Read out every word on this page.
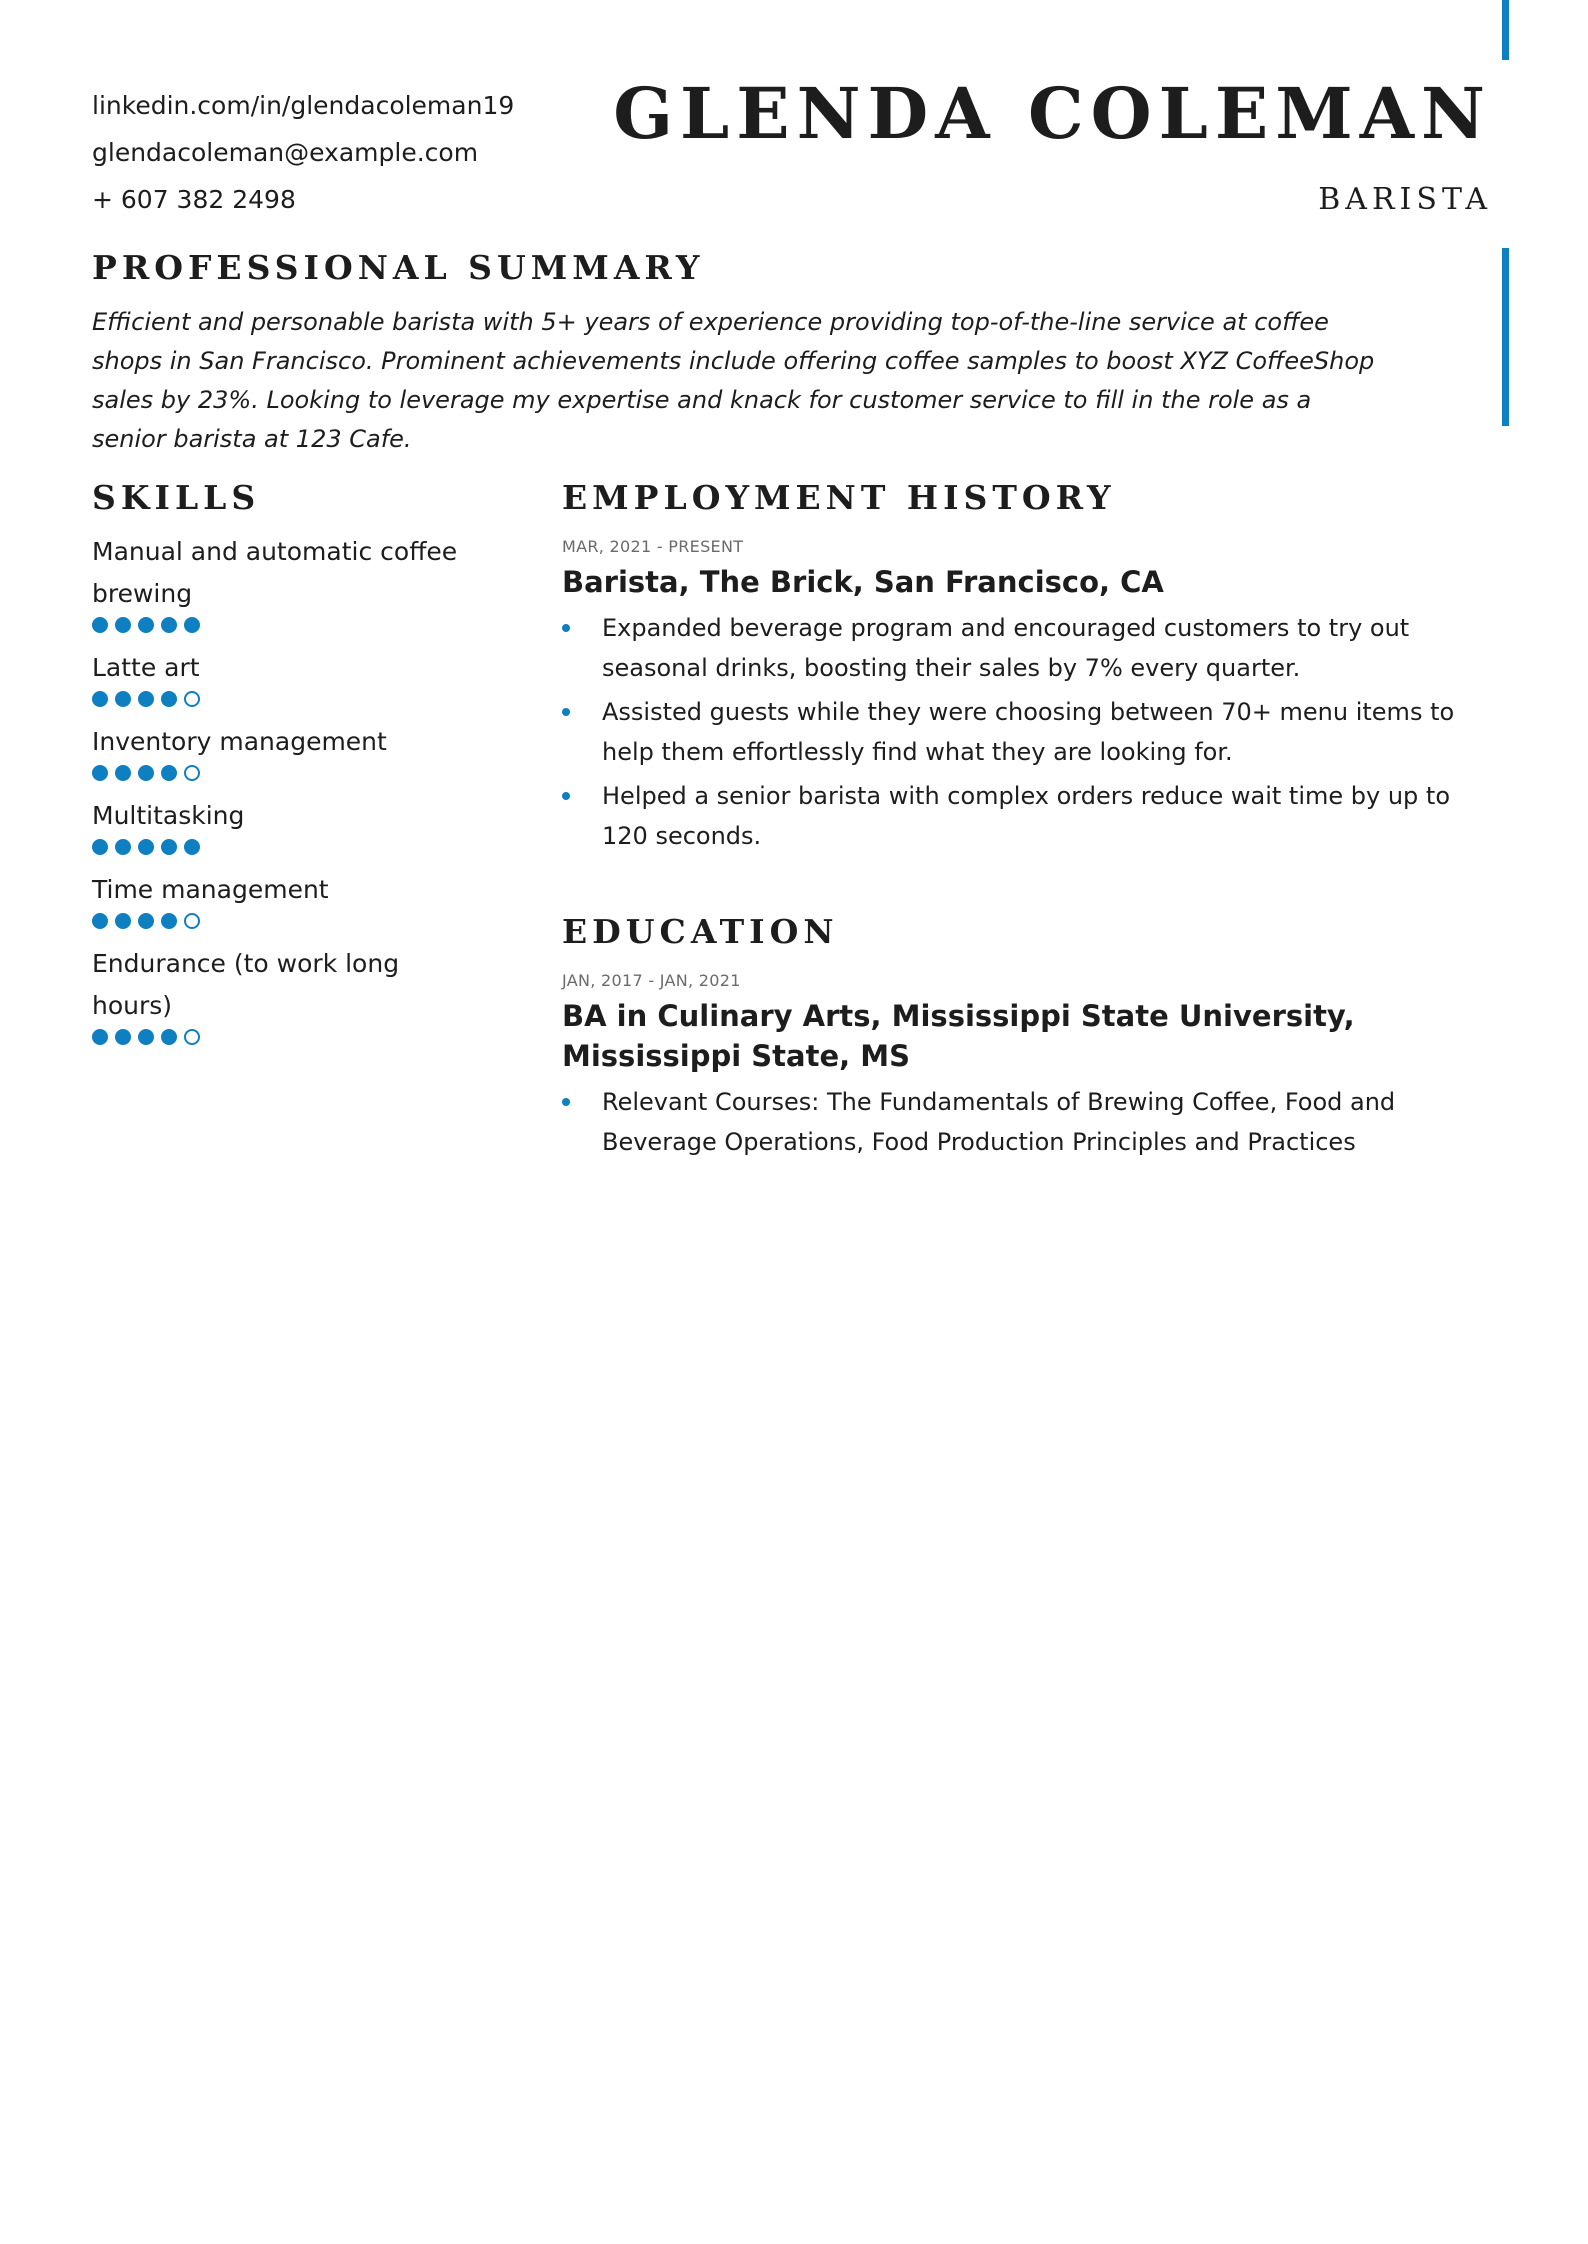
linkedin.com/in/glendacoleman19
glendacoleman@example.com
+ 607 382 2498
GLENDA COLEMAN
BARISTA
PROFESSIONAL SUMMARY
Efficient and personable barista with 5+ years of experience providing top-of-the-line service at coffee shops in San Francisco. Prominent achievements include offering coffee samples to boost XYZ CoffeeShop sales by 23%. Looking to leverage my expertise and knack for customer service to fill in the role as a senior barista at 123 Cafe.
SKILLS
Manual and automatic coffee brewing
Latte art
Inventory management
Multitasking
Time management
Endurance (to work long hours)
EMPLOYMENT HISTORY
MAR, 2021 - PRESENT
Barista, The Brick, San Francisco, CA
Expanded beverage program and encouraged customers to try out seasonal drinks, boosting their sales by 7% every quarter.
Assisted guests while they were choosing between 70+ menu items to help them effortlessly find what they are looking for.
Helped a senior barista with complex orders reduce wait time by up to 120 seconds.
EDUCATION
JAN, 2017 - JAN, 2021
BA in Culinary Arts, Mississippi State University, Mississippi State, MS
Relevant Courses: The Fundamentals of Brewing Coffee, Food and Beverage Operations, Food Production Principles and Practices
